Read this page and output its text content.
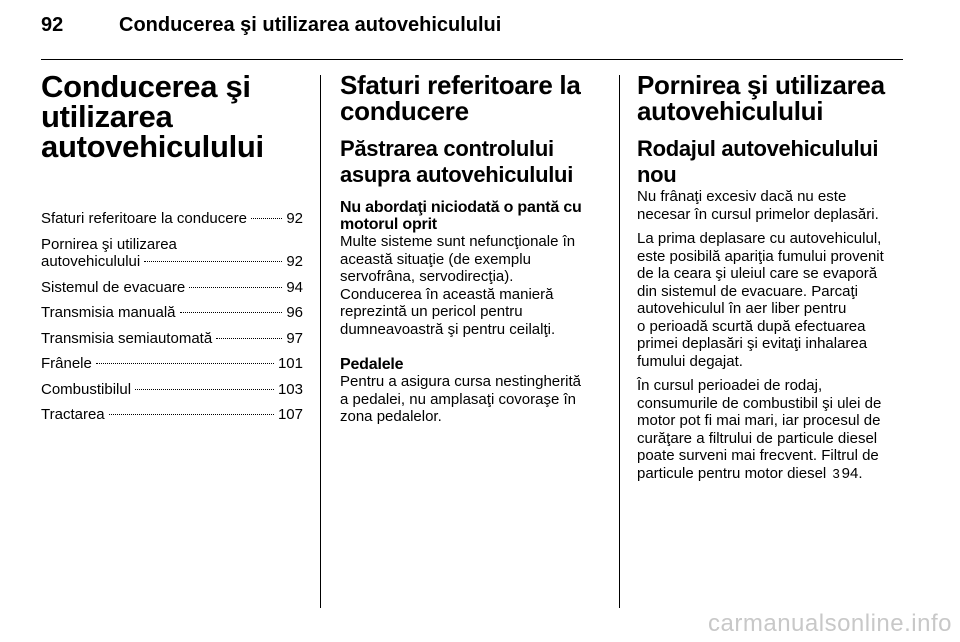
92	Conducerea şi utilizarea autovehiculului
Conducerea şi
utilizarea
autovehiculului
Sfaturi referitoare la conducere	92
Pornirea şi utilizarea
autovehiculului	92
Sistemul de evacuare	94
Transmisia manuală	96
Transmisia semiautomată	97
Frânele	101
Combustibilul	103
Tractarea	107
Sfaturi referitoare la
conducere
Păstrarea controlului
asupra autovehiculului
Nu abordaţi niciodată o pantă cu
motorul oprit

Multe sisteme sunt nefuncţionale în
această situaţie (de exemplu
servofrâna, servodirecţia).
Conducerea în această manieră
reprezintă un pericol pentru
dumneavoastră şi pentru ceilalţi.

Pedalele

Pentru a asigura cursa nestingherită
a pedalei, nu amplasaţi covoraşe în
zona pedalelor.

Pornirea şi utilizarea
autovehiculului
Rodajul autovehiculului
nou

Nu frânaţi excesiv dacă nu este
necesar în cursul primelor deplasări.

La prima deplasare cu autovehiculul,
este posibilă apariţia fumului provenit
de la ceara şi uleiul care se evaporă
din sistemul de evacuare. Parcaţi
autovehiculul în aer liber pentru
o perioadă scurtă după efectuarea
primei deplasări şi evitaţi inhalarea
fumului degajat.

În cursul perioadei de rodaj,
consumurile de combustibil şi ulei de
motor pot fi mai mari, iar procesul de
curăţare a filtrului de particule diesel
poate surveni mai frecvent. Filtrul de
particule pentru motor diesel 3 94.

carmanualsonline.info
